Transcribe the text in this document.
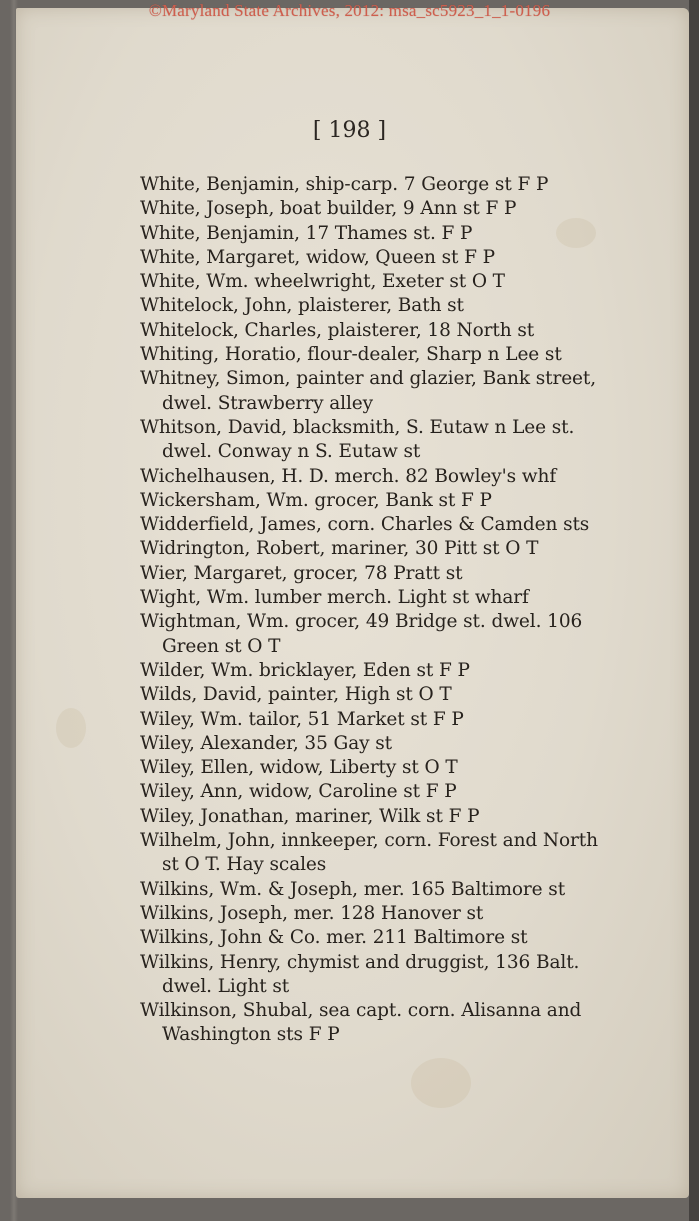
©Maryland State Archives, 2012: msa_sc5923_1_1-0196
[ 198 ]
White, Benjamin, ship-carp. 7 George st F P
White, Joseph, boat builder, 9 Ann st F P
White, Benjamin, 17 Thames st. F P
White, Margaret, widow, Queen st F P
White, Wm. wheelwright, Exeter st O T
Whitelock, John, plaisterer, Bath st
Whitelock, Charles, plaisterer, 18 North st
Whiting, Horatio, flour-dealer, Sharp n Lee st
Whitney, Simon, painter and glazier, Bank street,
dwel. Strawberry alley
Whitson, David, blacksmith, S. Eutaw n Lee st.
dwel. Conway n S. Eutaw st
Wichelhausen, H. D. merch. 82 Bowley's whf
Wickersham, Wm. grocer, Bank st F P
Widderfield, James, corn. Charles & Camden sts
Widrington, Robert, mariner, 30 Pitt st O T
Wier, Margaret, grocer, 78 Pratt st
Wight, Wm. lumber merch. Light st wharf
Wightman, Wm. grocer, 49 Bridge st. dwel. 106
Green st O T
Wilder, Wm. bricklayer, Eden st F P
Wilds, David, painter, High st O T
Wiley, Wm. tailor, 51 Market st F P
Wiley, Alexander, 35 Gay st
Wiley, Ellen, widow, Liberty st O T
Wiley, Ann, widow, Caroline st F P
Wiley, Jonathan, mariner, Wilk st F P
Wilhelm, John, innkeeper, corn. Forest and North
st O T. Hay scales
Wilkins, Wm. & Joseph, mer. 165 Baltimore st
Wilkins, Joseph, mer. 128 Hanover st
Wilkins, John & Co. mer. 211 Baltimore st
Wilkins, Henry, chymist and druggist, 136 Balt.
dwel. Light st
Wilkinson, Shubal, sea capt. corn. Alisanna and
Washington sts F P
